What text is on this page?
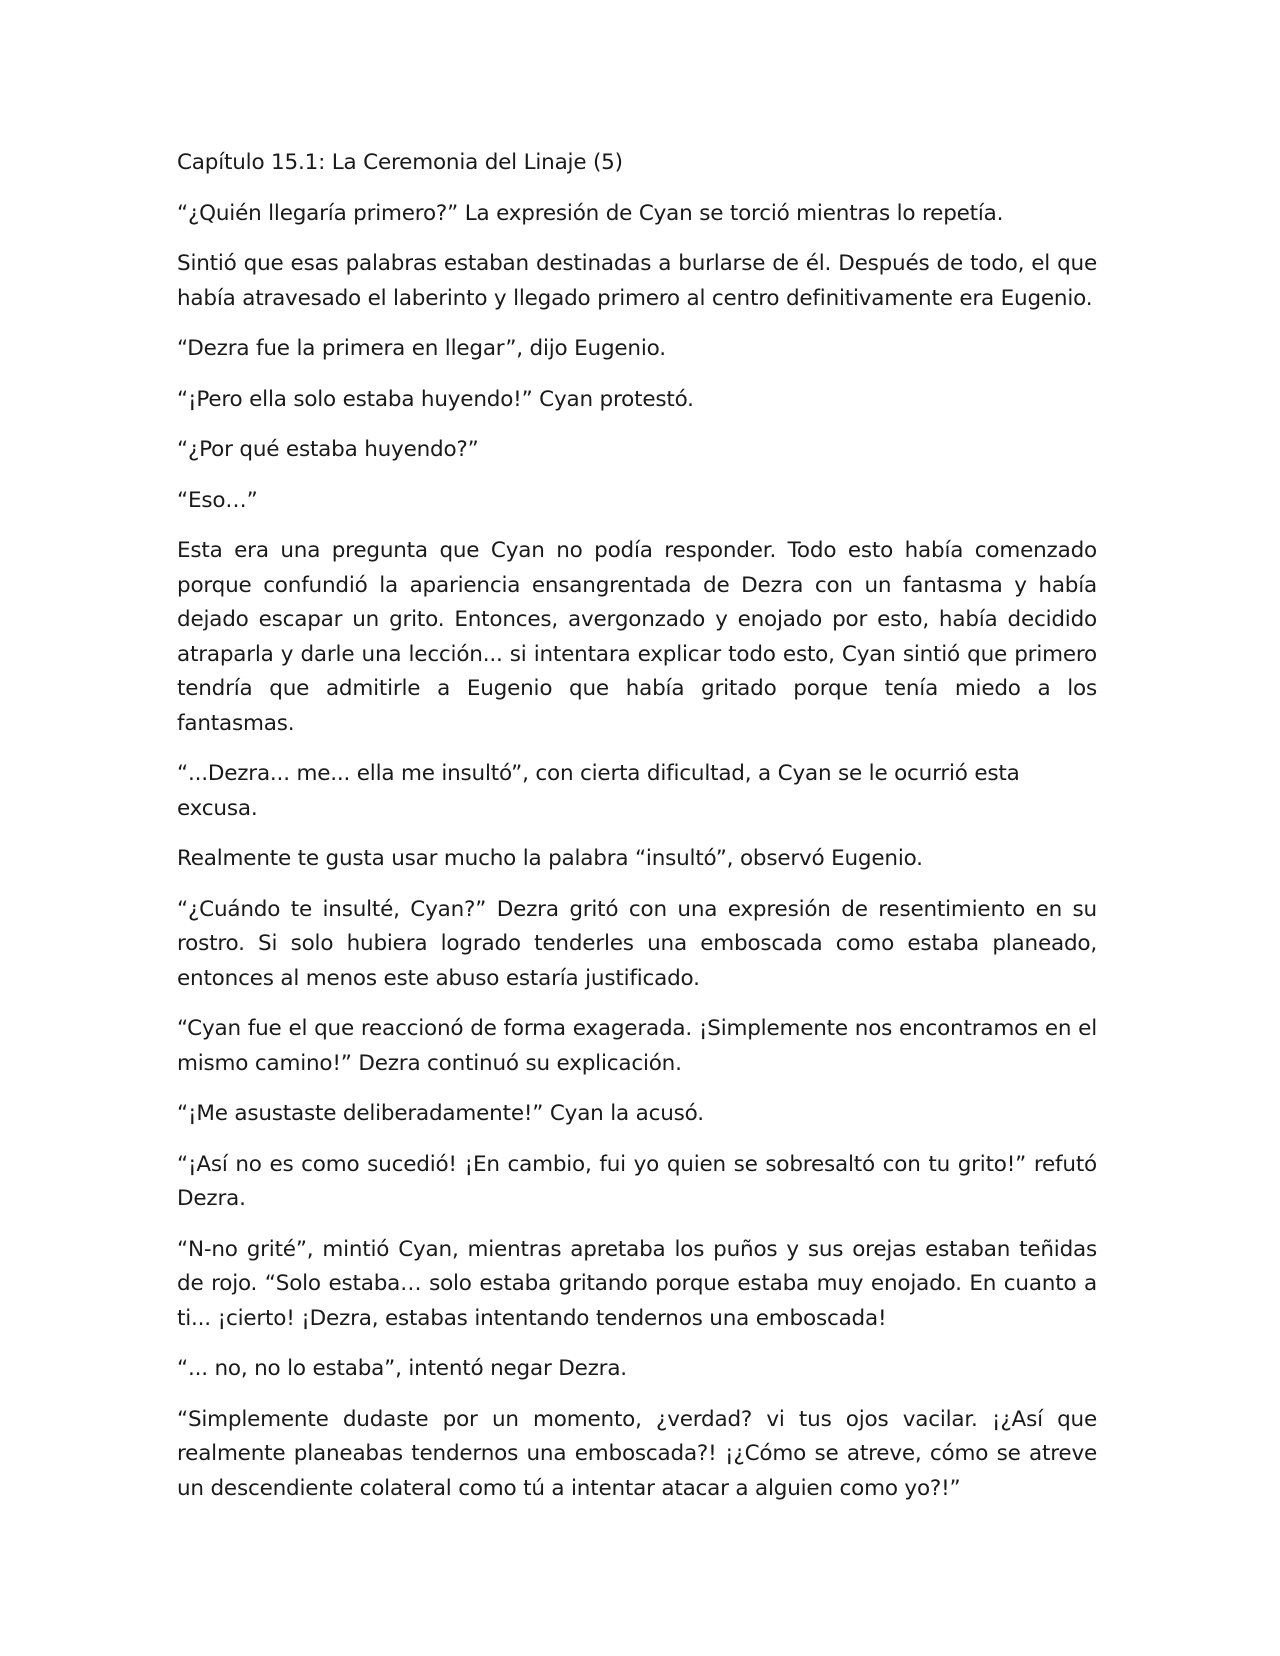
Capítulo 15.1: La Ceremonia del Linaje (5)

“¿Quién llegaría primero?” La expresión de Cyan se torció mientras lo repetía.

Sintió que esas palabras estaban destinadas a burlarse de él. Después de todo, el que había atravesado el laberinto y llegado primero al centro definitivamente era Eugenio.

“Dezra fue la primera en llegar”, dijo Eugenio.

“¡Pero ella solo estaba huyendo!” Cyan protestó.

“¿Por qué estaba huyendo?”

“Eso…”

Esta era una pregunta que Cyan no podía responder. Todo esto había comenzado porque confundió la apariencia ensangrentada de Dezra con un fantasma y había dejado escapar un grito. Entonces, avergonzado y enojado por esto, había decidido atraparla y darle una lección... si intentara explicar todo esto, Cyan sintió que primero tendría que admitirle a Eugenio que había gritado porque tenía miedo a los fantasmas.

“...Dezra... me... ella me insultó”, con cierta dificultad, a Cyan se le ocurrió esta excusa.

Realmente te gusta usar mucho la palabra “insultó”, observó Eugenio.

“¿Cuándo te insulté, Cyan?” Dezra gritó con una expresión de resentimiento en su rostro. Si solo hubiera logrado tenderles una emboscada como estaba planeado, entonces al menos este abuso estaría justificado.

“Cyan fue el que reaccionó de forma exagerada. ¡Simplemente nos encontramos en el mismo camino!” Dezra continuó su explicación.

“¡Me asustaste deliberadamente!” Cyan la acusó.

“¡Así no es como sucedió! ¡En cambio, fui yo quien se sobresaltó con tu grito!” refutó Dezra.

“N-no grité”, mintió Cyan, mientras apretaba los puños y sus orejas estaban teñidas de rojo. “Solo estaba… solo estaba gritando porque estaba muy enojado. En cuanto a ti... ¡cierto! ¡Dezra, estabas intentando tendernos una emboscada!

“... no, no lo estaba”, intentó negar Dezra.

“Simplemente dudaste por un momento, ¿verdad? vi tus ojos vacilar. ¡¿Así que realmente planeabas tendernos una emboscada?! ¡¿Cómo se atreve, cómo se atreve un descendiente colateral como tú a intentar atacar a alguien como yo?!”
